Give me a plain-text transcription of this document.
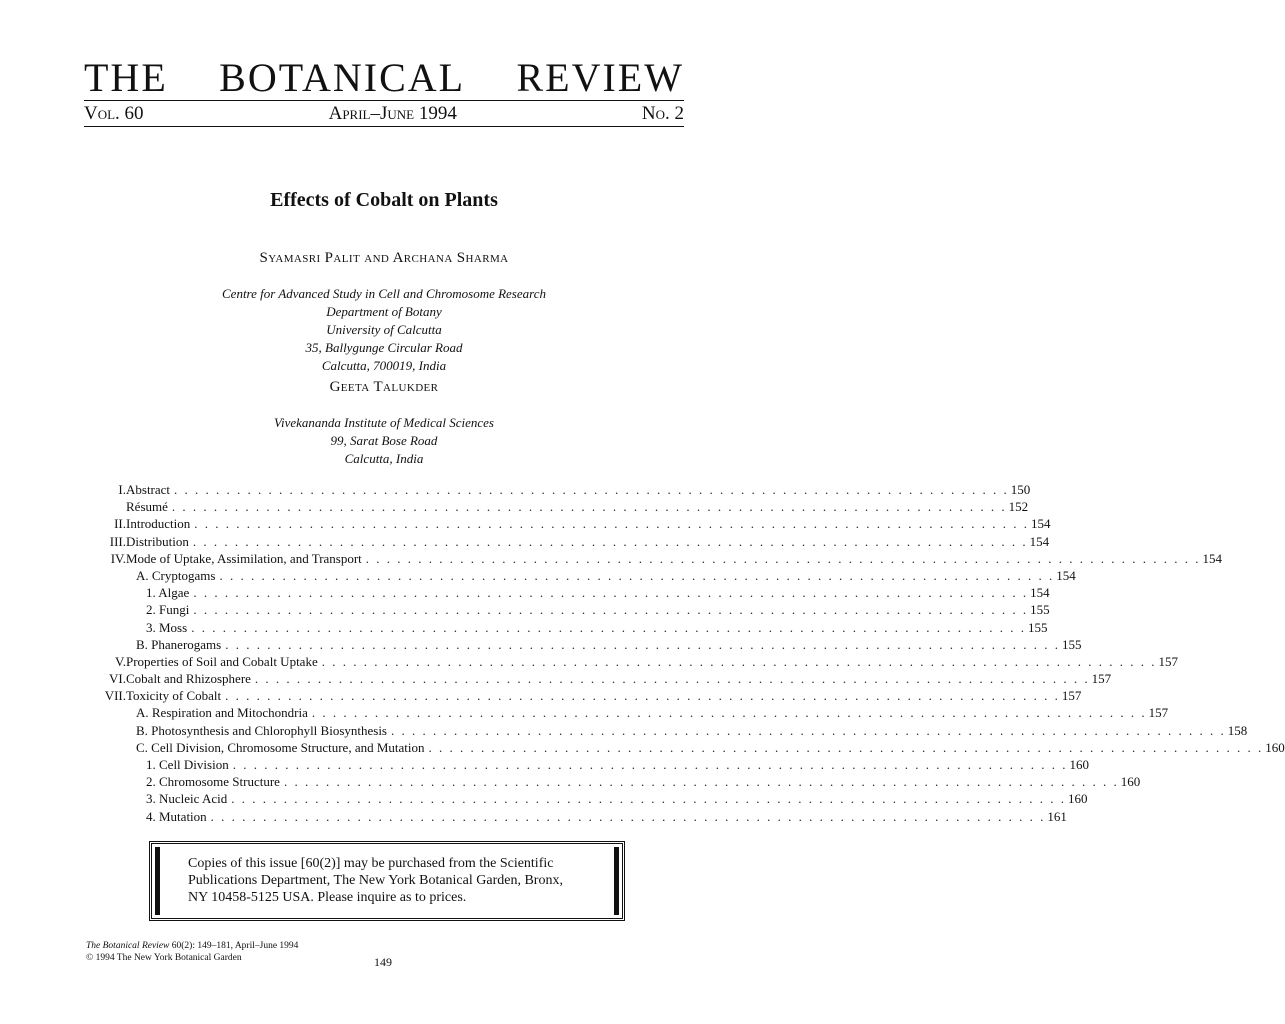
THE BOTANICAL REVIEW
Vol. 60	April–June 1994	No. 2
Effects of Cobalt on Plants
Syamasri Palit and Archana Sharma
Centre for Advanced Study in Cell and Chromosome Research
Department of Botany
University of Calcutta
35, Ballygunge Circular Road
Calcutta, 700019, India
Geeta Talukder
Vivekananda Institute of Medical Sciences
99, Sarat Bose Road
Calcutta, India
I. Abstract . . . . . . . . . . . . . . . . . . . . . . . . . . . . . . . . . . . . . . . . . . . . . . . . . . . . . . . . . . . . . . . . . . . . . . . . . . . . . . . . 150
Résumé . . . . . . . . . . . . . . . . . . . . . . . . . . . . . . . . . . . . . . . . . . . . . . . . . . . . . . . . . . . . . . . . . . . . . . . . . . . . . . . . 152
II. Introduction . . . . . . . . . . . . . . . . . . . . . . . . . . . . . . . . . . . . . . . . . . . . . . . . . . . . . . . . . . . . . . . . . . . . . . . . . . . . . . . . 154
III. Distribution . . . . . . . . . . . . . . . . . . . . . . . . . . . . . . . . . . . . . . . . . . . . . . . . . . . . . . . . . . . . . . . . . . . . . . . . . . . . . . . . 154
IV. Mode of Uptake, Assimilation, and Transport . . . . . . . . . . . . . . . . . . . . . . . . . . . . . . . . . . . . . . . . . . . . . . . . . . . . . . . . . . . . . . . . . . . . . . . . . . . . . . . . 154
A. Cryptogams . . . . . . . . . . . . . . . . . . . . . . . . . . . . . . . . . . . . . . . . . . . . . . . . . . . . . . . . . . . . . . . . . . . . . . . . . . . . . . . . 154
1. Algae . . . . . . . . . . . . . . . . . . . . . . . . . . . . . . . . . . . . . . . . . . . . . . . . . . . . . . . . . . . . . . . . . . . . . . . . . . . . . . . . 154
2. Fungi . . . . . . . . . . . . . . . . . . . . . . . . . . . . . . . . . . . . . . . . . . . . . . . . . . . . . . . . . . . . . . . . . . . . . . . . . . . . . . . . 155
3. Moss . . . . . . . . . . . . . . . . . . . . . . . . . . . . . . . . . . . . . . . . . . . . . . . . . . . . . . . . . . . . . . . . . . . . . . . . . . . . . . . . 155
B. Phanerogams . . . . . . . . . . . . . . . . . . . . . . . . . . . . . . . . . . . . . . . . . . . . . . . . . . . . . . . . . . . . . . . . . . . . . . . . . . . . . . . . 155
V. Properties of Soil and Cobalt Uptake . . . . . . . . . . . . . . . . . . . . . . . . . . . . . . . . . . . . . . . . . . . . . . . . . . . . . . . . . . . . . . . . . . . . . . . . . . . . . . . . 157
VI. Cobalt and Rhizosphere . . . . . . . . . . . . . . . . . . . . . . . . . . . . . . . . . . . . . . . . . . . . . . . . . . . . . . . . . . . . . . . . . . . . . . . . . . . . . . . . 157
VII. Toxicity of Cobalt . . . . . . . . . . . . . . . . . . . . . . . . . . . . . . . . . . . . . . . . . . . . . . . . . . . . . . . . . . . . . . . . . . . . . . . . . . . . . . . . 157
A. Respiration and Mitochondria . . . . . . . . . . . . . . . . . . . . . . . . . . . . . . . . . . . . . . . . . . . . . . . . . . . . . . . . . . . . . . . . . . . . . . . . . . . . . . . . 157
B. Photosynthesis and Chlorophyll Biosynthesis . . . . . . . . . . . . . . . . . . . . . . . . . . . . . . . . . . . . . . . . . . . . . . . . . . . . . . . . . . . . . . . . . . . . . . . . . . . . . . . . 158
C. Cell Division, Chromosome Structure, and Mutation . . . . . . . . . . . . . . . . . . . . . . . . . . . . . . . . . . . . . . . . . . . . . . . . . . . . . . . . . . . . . . . . . . . . . . . . . . . . . . . . 160
1. Cell Division . . . . . . . . . . . . . . . . . . . . . . . . . . . . . . . . . . . . . . . . . . . . . . . . . . . . . . . . . . . . . . . . . . . . . . . . . . . . . . . . 160
2. Chromosome Structure . . . . . . . . . . . . . . . . . . . . . . . . . . . . . . . . . . . . . . . . . . . . . . . . . . . . . . . . . . . . . . . . . . . . . . . . . . . . . . . . 160
3. Nucleic Acid . . . . . . . . . . . . . . . . . . . . . . . . . . . . . . . . . . . . . . . . . . . . . . . . . . . . . . . . . . . . . . . . . . . . . . . . . . . . . . . . 160
4. Mutation . . . . . . . . . . . . . . . . . . . . . . . . . . . . . . . . . . . . . . . . . . . . . . . . . . . . . . . . . . . . . . . . . . . . . . . . . . . . . . . . 161
Copies of this issue [60(2)] may be purchased from the Scientific
Publications Department, The New York Botanical Garden, Bronx,
NY 10458-5125 USA. Please inquire as to prices.
The Botanical Review 60(2): 149–181, April–June 1994
© 1994 The New York Botanical Garden	149
